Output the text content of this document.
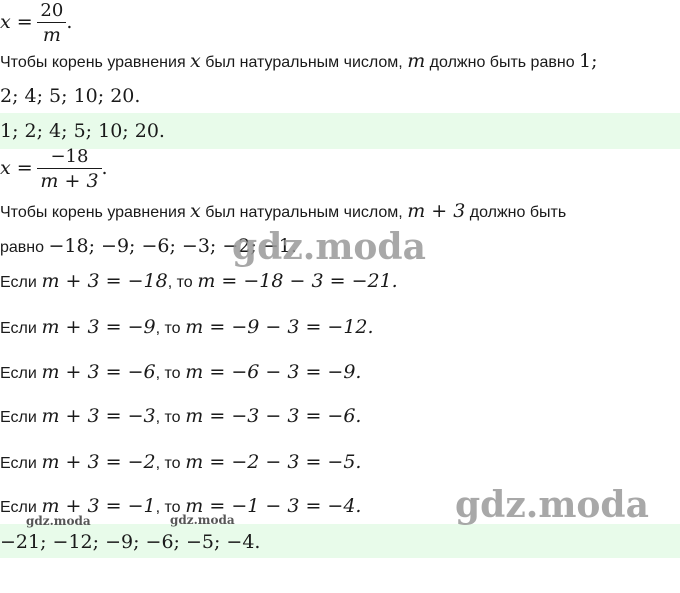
$x = \frac{20}{m}$ .
Чтобы корень уравнения x был натуральным числом, m должно быть равно 1;
2; 4; 5; 10; 20.
1; 2; 4; 5; 10; 20.
$x = \frac{-18}{m + 3}$ .
Чтобы корень уравнения x был натуральным числом, m + 3 должно быть
равно −18; −9; −6; −3; −2; −1.
Если m + 3 = −18, то m = −18 − 3 = −21.
Если m + 3 = −9, то m = −9 − 3 = −12.
Если m + 3 = −6, то m = −6 − 3 = −9.
Если m + 3 = −3, то m = −3 − 3 = −6.
Если m + 3 = −2, то m = −2 − 3 = −5.
Если m + 3 = −1, то m = −1 − 3 = −4.
−21; −12; −9; −6; −5; −4.
gdz.moda
gdz.moda
gdz.moda	gdz.moda
